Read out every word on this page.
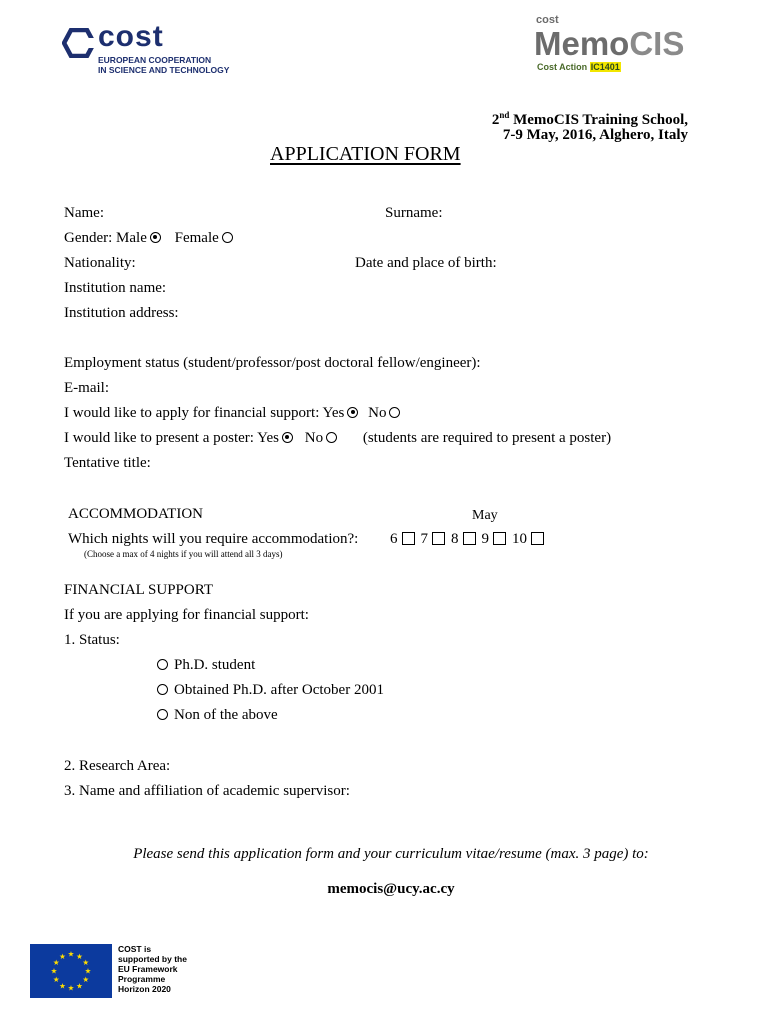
cost
EUROPEAN COOPERATION
IN SCIENCE AND TECHNOLOGY
cost
MemoCIS
Cost Action IC1401
2nd MemoCIS Training School,
7-9 May, 2016, Alghero, Italy
APPLICATION FORM
Name:	Surname:
Gender: Male Female
Nationality:	Date and place of birth:
Institution name:
Institution address:
Employment status (student/professor/post doctoral fellow/engineer):
E-mail:
I would like to apply for financial support: Yes No
I would like to present a poster: Yes No	(students are required to present a poster)
Tentative title:
ACCOMMODATION	May
Which nights will you require accommodation?: 6 7 8 9 10
(Choose a max of 4 nights if you will attend all 3 days)
FINANCIAL SUPPORT
If you are applying for financial support:
1. Status:
Ph.D. student
Obtained Ph.D. after October 2001
Non of the above
2. Research Area:
3. Name and affiliation of academic supervisor:
Please send this application form and your curriculum vitae/resume (max. 3 page) to:
memocis@ucy.ac.cy
★ ★
★
★
★
★
★
★
★
★
★
★
COST is
supported by the
EU Framework
Programme
Horizon 2020
